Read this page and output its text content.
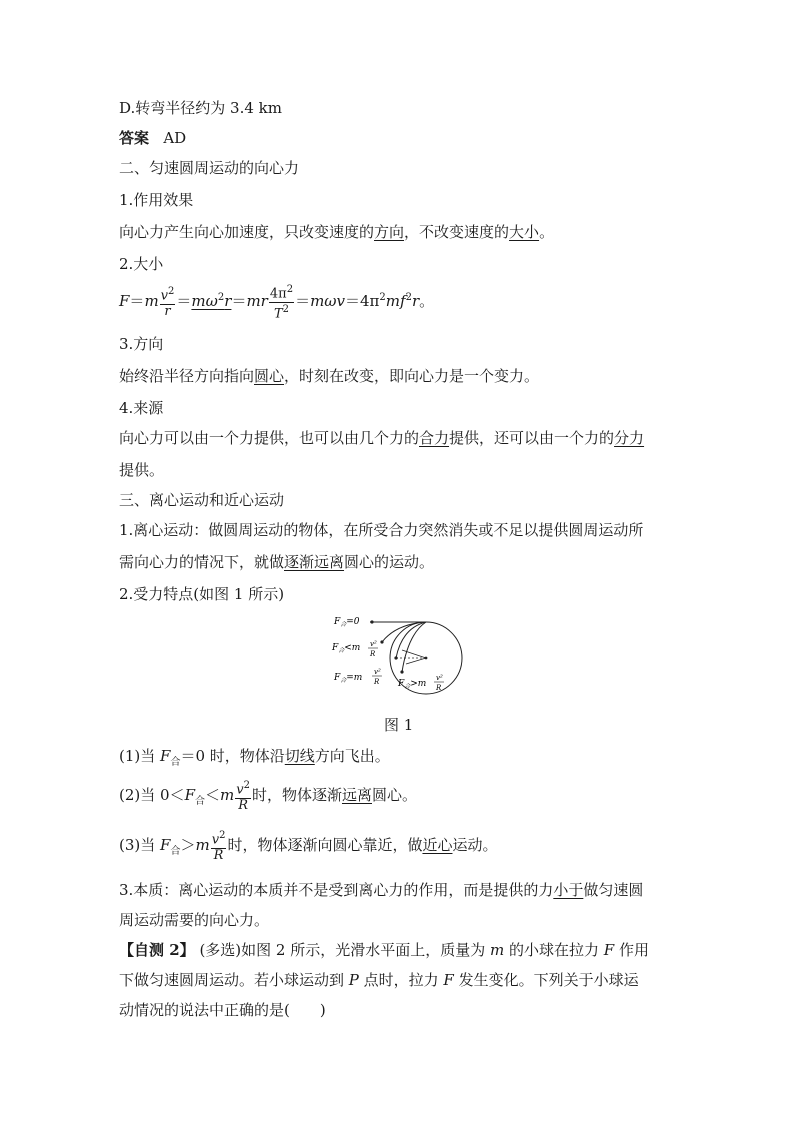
D.转弯半径约为 3.4 km
答案 AD
二、匀速圆周运动的向心力
1.作用效果
向心力产生向心加速度，只改变速度的方向，不改变速度的大小。
2.大小
$F=m \frac{v^2}{r} =m\omega^2r=mr \frac{4\pi^2}{T^2} =m\omega v=4\pi^2mf^2r$。
3.方向
始终沿半径方向指向圆心，时刻在改变，即向心力是一个变力。
4.来源
向心力可以由一个力提供，也可以由几个力的合力提供，还可以由一个力的分力
提供。
三、离心运动和近心运动
1.离心运动：做圆周运动的物体，在所受合力突然消失或不足以提供圆周运动所
需向心力的情况下，就做逐渐远离圆心的运动。
2.受力特点(如图 1 所示)
$F_合=0$
$F_合<m$ v²
R
$F_合=m$
v²
R $F_合>m$
v²
R
图 1
(1)当 $F_合=0$ 时，物体沿切线方向飞出。
(2)当 $0<F_合<m \frac{v^2}{R}$ 时，物体逐渐远离圆心。
(3)当 $F_合>m \frac{v^2}{R}$ 时，物体逐渐向圆心靠近，做近心运动。
3.本质：离心运动的本质并不是受到离心力的作用，而是提供的力小于做匀速圆
周运动需要的向心力。
【自测 2】 (多选)如图 2 所示，光滑水平面上，质量为 m 的小球在拉力 F 作用
下做匀速圆周运动。若小球运动到 P 点时，拉力 F 发生变化。下列关于小球运
动情况的说法中正确的是(　　)
